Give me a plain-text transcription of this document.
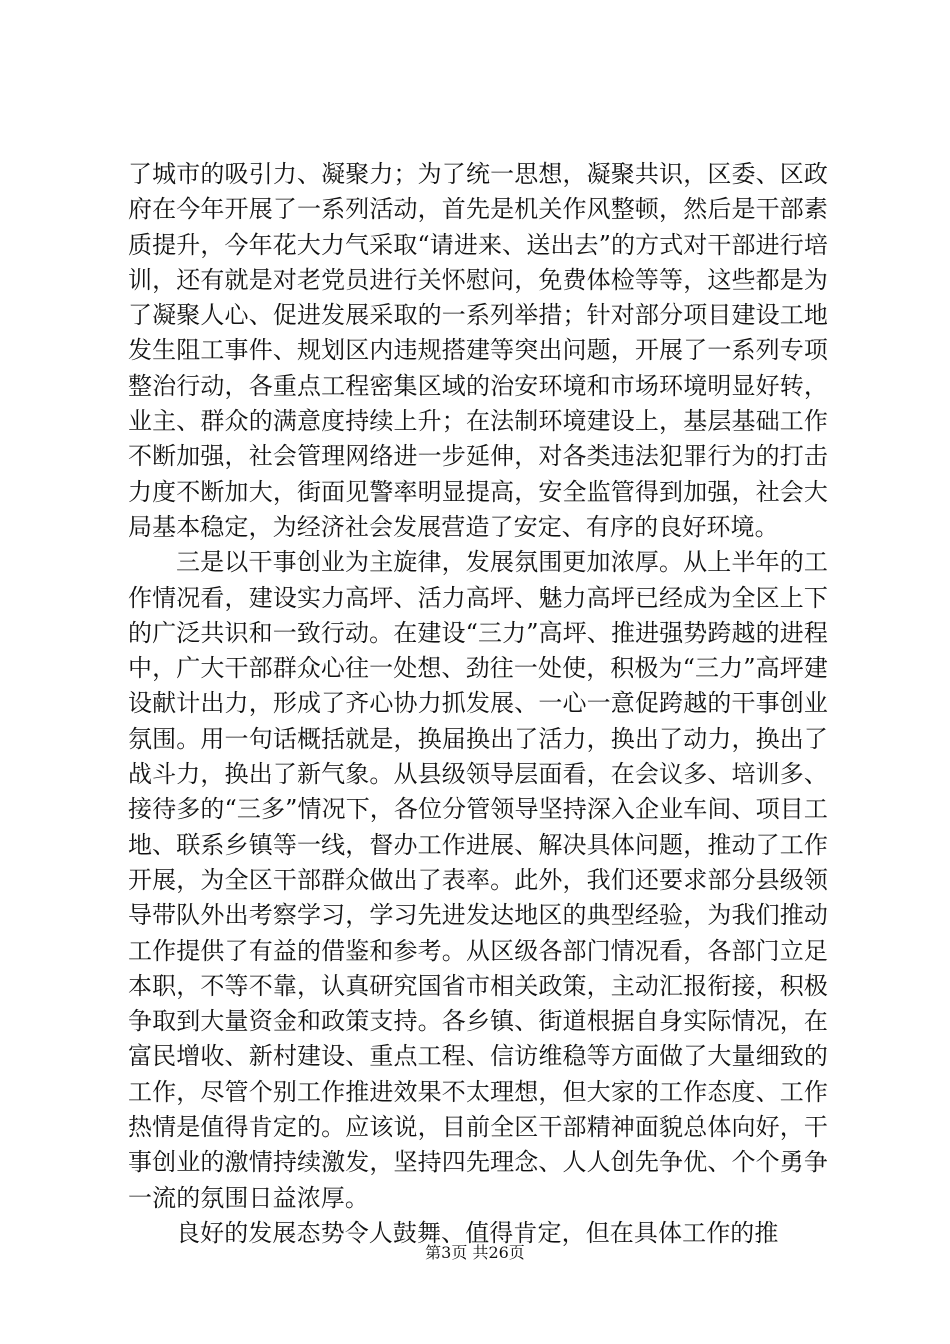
了城市的吸引力、凝聚力；为了统一思想，凝聚共识，区委、区政府在今年开展了一系列活动，首先是机关作风整顿，然后是干部素质提升，今年花大力气采取“请进来、送出去”的方式对干部进行培训，还有就是对老党员进行关怀慰问，免费体检等等，这些都是为了凝聚人心、促进发展采取的一系列举措；针对部分项目建设工地发生阻工事件、规划区内违规搭建等突出问题，开展了一系列专项整治行动，各重点工程密集区域的治安环境和市场环境明显好转，业主、群众的满意度持续上升；在法制环境建设上，基层基础工作不断加强，社会管理网络进一步延伸，对各类违法犯罪行为的打击力度不断加大，街面见警率明显提高，安全监管得到加强，社会大局基本稳定，为经济社会发展营造了安定、有序的良好环境。

三是以干事创业为主旋律，发展氛围更加浓厚。从上半年的工作情况看，建设实力高坪、活力高坪、魅力高坪已经成为全区上下的广泛共识和一致行动。在建设“三力”高坪、推进强势跨越的进程中，广大干部群众心往一处想、劲往一处使，积极为“三力”高坪建设献计出力，形成了齐心协力抓发展、一心一意促跨越的干事创业氛围。用一句话概括就是，换届换出了活力，换出了动力，换出了战斗力，换出了新气象。从县级领导层面看，在会议多、培训多、接待多的“三多”情况下，各位分管领导坚持深入企业车间、项目工地、联系乡镇等一线，督办工作进展、解决具体问题，推动了工作开展，为全区干部群众做出了表率。此外，我们还要求部分县级领导带队外出考察学习，学习先进发达地区的典型经验，为我们推动工作提供了有益的借鉴和参考。从区级各部门情况看，各部门立足本职，不等不靠，认真研究国省市相关政策，主动汇报衔接，积极争取到大量资金和政策支持。各乡镇、街道根据自身实际情况，在富民增收、新村建设、重点工程、信访维稳等方面做了大量细致的工作，尽管个别工作推进效果不太理想，但大家的工作态度、工作热情是值得肯定的。应该说，目前全区干部精神面貌总体向好，干事创业的激情持续激发，坚持四先理念、人人创先争优、个个勇争一流的氛围日益浓厚。

良好的发展态势令人鼓舞、值得肯定，但在具体工作的推

第3页 共26页
